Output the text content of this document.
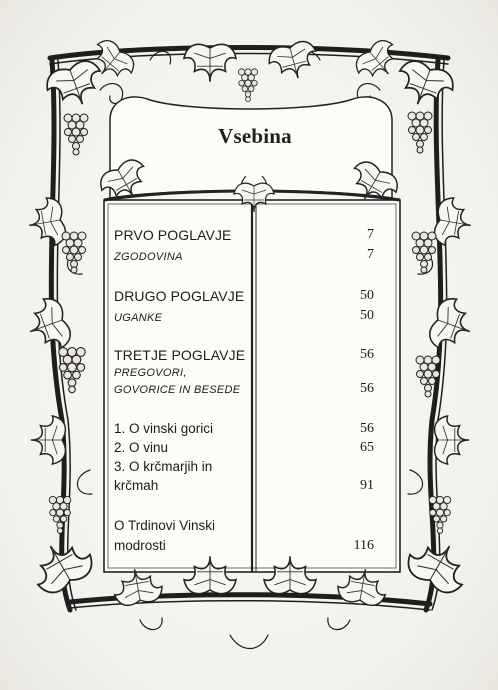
Vsebina
PRVO POGLAVJE
ZGODOVINA
DRUGO POGLAVJE
UGANKE
TRETJE POGLAVJE
PREGOVORI,
GOVORICE IN BESEDE
1. O vinski gorici
2. O vinu
3. O krčmarjih in
krčmah
O Trdinovi Vinski
modrosti
7
7
50
50
56
56
56
65
91
116
